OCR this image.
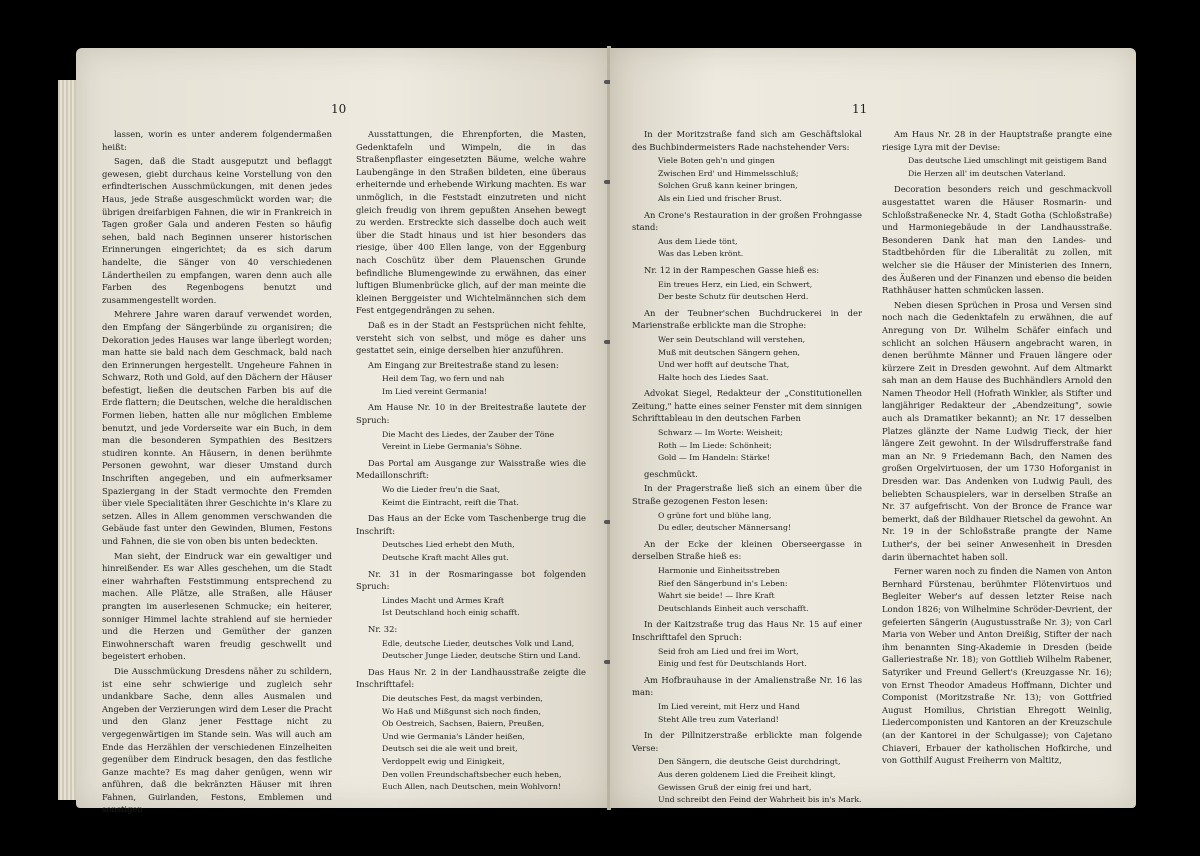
10

lassen, worin es unter anderem folgendermaßen heißt:

Sagen, daß die Stadt ausgeputzt und beflaggt gewesen, giebt durchaus keine Vorstellung von den erfindterischen Ausschmückungen, mit denen jedes Haus, jede Straße ausgeschmückt worden war; die übrigen dreifarbigen Fahnen, die wir in Frankreich in Tagen großer Gala und anderen Festen so häufig sehen, bald nach Beginnen unserer historischen Erinnerungen eingerichtet; da es sich darum handelte, die Sänger von 40 verschiedenen Ländertheilen zu empfangen, waren denn auch alle Farben des Regenbogens benutzt und zusammengestellt worden.

Mehrere Jahre waren darauf verwendet worden, den Empfang der Sängerbünde zu organisiren; die Dekoration jedes Hauses war lange überlegt worden; man hatte sie bald nach dem Geschmack, bald nach den Erinnerungen hergestellt. Ungeheure Fahnen in Schwarz, Roth und Gold, auf den Dächern der Häuser befestigt, ließen die deutschen Farben bis auf die Erde flattern; die Deutschen, welche die heraldischen Formen lieben, hatten alle nur möglichen Embleme benutzt, und jede Vorderseite war ein Buch, in dem man die besonderen Sympathien des Besitzers studiren konnte. An Häusern, in denen berühmte Personen gewohnt, war dieser Umstand durch Inschriften angegeben, und ein aufmerksamer Spaziergang in der Stadt vermochte den Fremden über viele Specialitäten ihrer Geschichte in's Klare zu setzen. Alles in Allem genommen verschwanden die Gebäude fast unter den Gewinden, Blumen, Festons und Fahnen, die sie von oben bis unten bedeckten.

Man sieht, der Eindruck war ein gewaltiger und hinreißender. Es war Alles geschehen, um die Stadt einer wahrhaften Feststimmung entsprechend zu machen. Alle Plätze, alle Straßen, alle Häuser prangten im auserlesenen Schmucke; ein heiterer, sonniger Himmel lachte strahlend auf sie hernieder und die Herzen und Gemüther der ganzen Einwohnerschaft waren freudig geschwellt und begeistert erhoben.

Die Ausschmückung Dresdens näher zu schildern, ist eine sehr schwierige und zugleich sehr undankbare Sache, denn alles Ausmalen und Angeben der Verzierungen wird dem Leser die Pracht und den Glanz jener Festtage nicht zu vergegenwärtigen im Stande sein. Was will auch am Ende das Herzählen der verschiedenen Einzelheiten gegenüber dem Eindruck besagen, den das festliche Ganze machte? Es mag daher genügen, wenn wir anführen, daß die bekränzten Häuser mit ihren Fahnen, Guirlanden, Festons, Emblemen und sonstigen

Ausstattungen, die Ehrenpforten, die Masten, Gedenktafeln und Wimpeln, die in das Straßenpflaster eingesetzten Bäume, welche wahre Laubengänge in den Straßen bildeten, eine überaus erheiternde und erhebende Wirkung machten. Es war unmöglich, in die Feststadt einzutreten und nicht gleich freudig von ihrem gepußten Ansehen bewegt zu werden. Erstreckte sich dasselbe doch auch weit über die Stadt hinaus und ist hier besonders das riesige, über 400 Ellen lange, von der Eggenburg nach Coschütz über dem Plauenschen Grunde befindliche Blumengewinde zu erwähnen, das einer luftigen Blumenbrücke glich, auf der man meinte die kleinen Berggeister und Wichtelmännchen sich dem Fest entgegendrängen zu sehen.

Daß es in der Stadt an Festsprüchen nicht fehlte, versteht sich von selbst, und möge es daher uns gestattet sein, einige derselben hier anzuführen.

Am Eingang zur Breitestraße stand zu lesen:

Heil dem Tag, wo fern und nah
Im Lied vereint Germania!

Am Hause Nr. 10 in der Breitestraße lautete der Spruch:

Die Macht des Liedes, der Zauber der Töne
Vereint in Liebe Germania's Söhne.

Das Portal am Ausgange zur Waisstraße wies die Medaillonschrift:

Wo die Lieder freu'n die Saat,
Keimt die Eintracht, reift die That.

Das Haus an der Ecke vom Taschenberge trug die Inschrift:

Deutsches Lied erhebt den Muth,
Deutsche Kraft macht Alles gut.

Nr. 31 in der Rosmaringasse bot folgenden Spruch:

Lindes Macht und Armes Kraft
Ist Deutschland hoch einig schafft.

Nr. 32:

Edle, deutsche Lieder, deutsches Volk und Land,
Deutscher Junge Lieder, deutsche Stirn und Land.

Das Haus Nr. 2 in der Landhausstraße zeigte die Inschrifttafel:

Die deutsches Fest, da magst verbinden,
Wo Haß und Mißgunst sich noch finden,
Ob Oestreich, Sachsen, Baiern, Preußen,
Und wie Germania's Länder heißen,
Deutsch sei die ale weit und breit,
Verdoppelt ewig und Einigkeit,
Den vollen Freundschaftsbecher euch heben,
Euch Allen, nach Deutschen, mein Wohlvorn!

11

In der Moritzstraße fand sich am Geschäftslokal des Buchbindermeisters Rade nachstehender Vers:

Viele Boten geh'n und gingen
Zwischen Erd' und Himmelsschluß;
Solchen Gruß kann keiner bringen,
Als ein Lied und frischer Brust.

An Crone's Restauration in der großen Frohngasse stand:

Aus dem Liede tönt,
Was das Leben krönt.

Nr. 12 in der Rampeschen Gasse hieß es:

Ein treues Herz, ein Lied, ein Schwert,
Der beste Schutz für deutschen Herd.

An der Teubner'schen Buchdruckerei in der Marienstraße erblickte man die Strophe:

Wer sein Deutschland will verstehen,
Muß mit deutschen Sängern gehen,
Und wer hofft auf deutsche That,
Halte hoch des Liedes Saat.

Advokat Siegel, Redakteur der „Constitutionellen Zeitung," hatte eines seiner Fenster mit dem sinnigen Schrifttableau in den deutschen Farben

Schwarz — Im Worte: Weisheit;
Roth — Im Liede: Schönheit;
Gold — Im Handeln: Stärke!

geschmückt.

In der Pragerstraße ließ sich an einem über die Straße gezogenen Feston lesen:

O grüne fort und blühe lang,
Du edler, deutscher Männersang!

An der Ecke der kleinen Oberseergasse in derselben Straße hieß es:

Harmonie und Einheitsstreben
Rief den Sängerbund in's Leben:
Wahrt sie beide! — Ihre Kraft
Deutschlands Einheit auch verschafft.

In der Kaitzstraße trug das Haus Nr. 15 auf einer Inschrifttafel den Spruch:

Seid froh am Lied und frei im Wort,
Einig und fest für Deutschlands Hort.

Am Hofbrauhause in der Amalienstraße Nr. 16 las man:

Im Lied vereint, mit Herz und Hand
Steht Alle treu zum Vaterland!

In der Pillnitzerstraße erblickte man folgende Verse:

Den Sängern, die deutsche Geist durchdringt,
Aus deren goldenem Lied die Freiheit klingt,
Gewissen Gruß der einig frei und hart,
Und schreibt den Feind der Wahrheit bis in's Mark.

Am Haus Nr. 28 in der Hauptstraße prangte eine riesige Lyra mit der Devise:

Das deutsche Lied umschlingt mit geistigem Band
Die Herzen all' im deutschen Vaterland.

Decoration besonders reich und geschmackvoll ausgestattet waren die Häuser Rosmarin- und Schloßstraßenecke Nr. 4, Stadt Gotha (Schloßstraße) und Harmoniegebäude in der Landhausstraße. Besonderen Dank hat man den Landes- und Stadtbehörden für die Liberalität zu zollen, mit welcher sie die Häuser der Ministerien des Innern, des Äußeren und der Finanzen und ebenso die beiden Rathhäuser hatten schmücken lassen.

Neben diesen Sprüchen in Prosa und Versen sind noch nach die Gedenktafeln zu erwähnen, die auf Anregung von Dr. Wilhelm Schäfer einfach und schlicht an solchen Häusern angebracht waren, in denen berühmte Männer und Frauen längere oder kürzere Zeit in Dresden gewohnt. Auf dem Altmarkt sah man an dem Hause des Buchhändlers Arnold den Namen Theodor Hell (Hofrath Winkler, als Stifter und langjähriger Redakteur der „Abendzeitung", sowie auch als Dramatiker bekannt); an Nr. 17 desselben Platzes glänzte der Name Ludwig Tieck, der hier längere Zeit gewohnt. In der Wilsdrufferstraße fand man an Nr. 9 Friedemann Bach, den Namen des großen Orgelvirtuosen, der um 1730 Hoforganist in Dresden war. Das Andenken von Ludwig Pauli, des beliebten Schauspielers, war in derselben Straße an Nr. 37 aufgefrischt. Von der Bronce de France war bemerkt, daß der Bildhauer Rietschel da gewohnt. An Nr. 19 in der Schloßstraße prangte der Name Luther's, der bei seiner Anwesenheit in Dresden darin übernachtet haben soll.

Ferner waren noch zu finden die Namen von Anton Bernhard Fürstenau, berühmter Flötenvirtuos und Begleiter Weber's auf dessen letzter Reise nach London 1826; von Wilhelmine Schröder-Devrient, der gefeierten Sängerin (Augustusstraße Nr. 3); von Carl Maria von Weber und Anton Dreißig, Stifter der nach ihm benannten Sing-Akademie in Dresden (beide Galleriestraße Nr. 18); von Gottlieb Wilhelm Rabener, Satyriker und Freund Gellert's (Kreuzgasse Nr. 16); von Ernst Theodor Amadeus Hoffmann, Dichter und Componist (Moritzstraße Nr. 13); von Gottfried August Homilius, Christian Ehregott Weinlig, Liedercomponisten und Kantoren an der Kreuzschule (an der Kantorei in der Schulgasse); von Cajetano Chiaveri, Erbauer der katholischen Hofkirche, und von Gotthilf August Freiherrn von Maltitz,
